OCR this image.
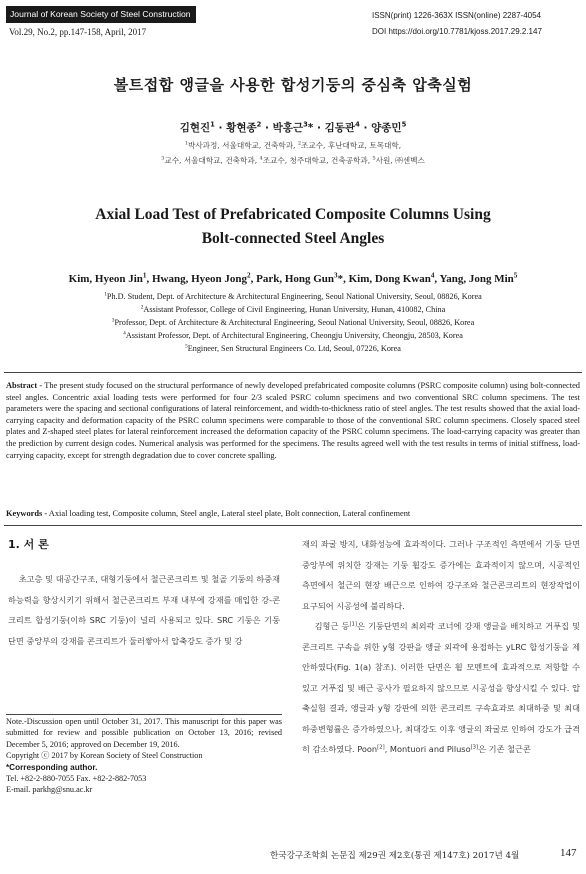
Journal of Korean Society of Steel Construction
Vol.29, No.2, pp.147-158, April, 2017
ISSN(print) 1226-363X ISSN(online) 2287-4054
DOI https://doi.org/10.7781/kjoss.2017.29.2.147
볼트접합 앵글을 사용한 합성기둥의 중심축 압축실험
김현진$^1$ · 황현종$^2$ · 박홍근$^3$* · 김동관$^4$ · 양종민$^5$
$^1$박사과정, 서울대학교, 건축학과, $^2$조교수, 후난대학교, 토목대학,
$^3$교수, 서울대학교, 건축학과, $^4$조교수, 청주대학교, 건축공학과, $^5$사원, ㈜센벡스
Axial Load Test of Prefabricated Composite Columns Using
Bolt-connected Steel Angles
Kim, Hyeon Jin$^1$, Hwang, Hyeon Jong$^2$, Park, Hong Gun$^3$*, Kim, Dong Kwan$^4$, Yang, Jong Min$^5$
$^1$Ph.D. Student, Dept. of Architecture & Architectural Engineering, Seoul National University, Seoul, 08826, Korea
$^2$Assistant Professor, College of Civil Engineering, Hunan University, Hunan, 410082, China
$^3$Professor, Dept. of Architecture & Architectural Engineering, Seoul National University, Seoul, 08826, Korea
$^4$Assistant Professor, Dept. of Architectural Engineering, Cheongju University, Cheongju, 28503, Korea
$^5$Engineer, Sen Structural Engineers Co. Ltd, Seoul, 07226, Korea
Abstract - The present study focused on the structural performance of newly developed prefabricated composite columns (PSRC composite column) using bolt-connected steel angles. Concentric axial loading tests were performed for four 2/3 scaled PSRC column specimens and two conventional SRC column specimens. The test parameters were the spacing and sectional configurations of lateral reinforcement, and width-to-thickness ratio of steel angles. The test results showed that the axial load-carrying capacity and deformation capacity of the PSRC column specimens were comparable to those of the conventional SRC column specimens. Closely spaced steel plates and Z-shaped steel plates for lateral reinforcement increased the deformation capacity of the PSRC column specimens. The load-carrying capacity was greater than the prediction by current design codes. Numerical analysis was performed for the specimens. The results agreed well with the test results in terms of initial stiffness, load-carrying capacity, except for strength degradation due to cover concrete spalling.
Keywords - Axial loading test, Composite column, Steel angle, Lateral steel plate, Bolt connection, Lateral confinement
1. 서 론
초고층 및 대공간구조, 대형기둥에서 철근콘크리트 및 철골 기둥의 하중재하능력을 향상시키기 위해서 철근콘크리트 부재 내부에 강재를 매입한 강-콘크리트 합성기둥(이하 SRC 기둥)이 널리 사용되고 있다. SRC 기둥은 기둥 단면 중앙부의 강재를 콘크리트가 둘러쌓아서 압축강도 증가 및 강
재의 좌굴 방지, 내화성능에 효과적이다. 그러나 구조적인 측면에서 기둥 단면 중앙부에 위치한 강재는 기둥 휨강도 증가에는 효과적이지 않으며, 시공적인 측면에서 철근의 현장 배근으로 인하여 강구조와 철근콘크리트의 현장작업이 요구되어 시공성에 불리하다.
김형근 등[1]은 기둥단면의 최외곽 코너에 강재 앵글을 배치하고 거푸집 및 콘크리트 구속을 위한 y형 강판을 앵글 외곽에 용접하는 yLRC 합성기둥을 제안하였다(Fig. 1(a) 참조). 이러한 단면은 휨 모멘트에 효과적으로 저항할 수 있고 거푸집 및 배근 공사가 필요하지 않으므로 시공성을 향상시킬 수 있다. 압축실험 결과, 앵글과 y형 강판에 의한 콘크리트 구속효과로 최대하중 및 최대하중변형률은 증가하였으나, 최대강도 이후 앵글의 좌굴로 인하여 강도가 급격히 감소하였다. Poon[2], Montuori and Piluso[3]은 기존 철근콘
Note.-Discussion open until October 31, 2017. This manuscript for this paper was submitted for review and possible publication on October 13, 2016; revised December 5, 2016; approved on December 19, 2016.
Copyright ⓒ 2017 by Korean Society of Steel Construction
*Corresponding author.
Tel. +82-2-880-7055 Fax. +82-2-882-7053
E-mail. parkhg@snu.ac.kr
한국강구조학회 논문집 제29권 제2호(통권 제147호) 2017년 4월	147
